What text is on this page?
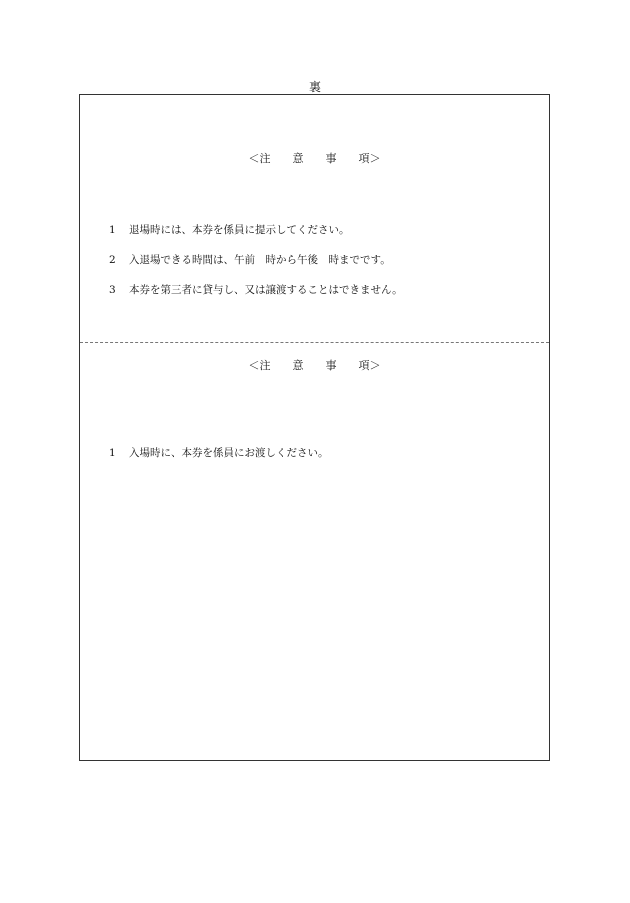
裏
＜注　　意　　事　　項＞

1 退場時には、本券を係員に提示してください。

2 入退場できる時間は、午前　時から午後　時までです。

3 本券を第三者に貸与し、又は譲渡することはできません。

＜注　　意　　事　　項＞

1 入場時に、本券を係員にお渡しください。
